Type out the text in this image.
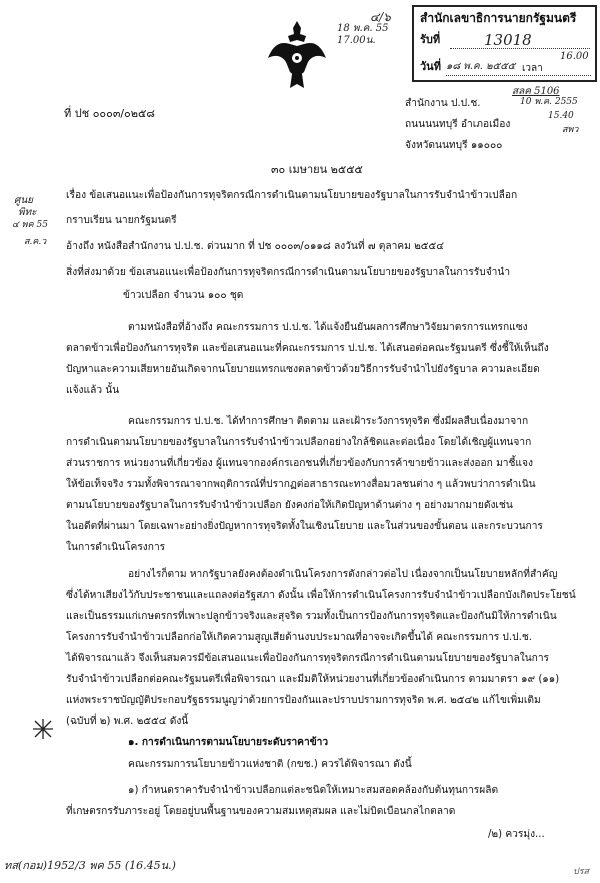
๔/๖
18 พ.ค. 55
17.00น.
สำนักเลขาธิการนายกรัฐมนตรี
รับที่	13018
วันที่ ๑๘ พ.ค. ๒๕๕๕ เวลา
16.00
สลค 5106
10 พ.ค. 2555
15.40
สพว
ที่ ปช ๐๐๐๓/๐๒๕๘
สำนักงาน ป.ป.ช.
ถนนนนทบุรี อำเภอเมือง
จังหวัดนนทบุรี ๑๑๐๐๐
๓๐ เมษายน ๒๕๕๕
ศูนย
พิทะ
๔ พค 55
ส.ค.ว
เรื่อง ข้อเสนอแนะเพื่อป้องกันการทุจริตกรณีการดำเนินตามนโยบายของรัฐบาลในการรับจำนำข้าวเปลือก
กราบเรียน นายกรัฐมนตรี
อ้างถึง หนังสือสำนักงาน ป.ป.ช. ด่วนมาก ที่ ปช ๐๐๐๓/๐๑๑๘ ลงวันที่ ๗ ตุลาคม ๒๕๕๔
สิ่งที่ส่งมาด้วย ข้อเสนอแนะเพื่อป้องกันการทุจริตกรณีการดำเนินตามนโยบายของรัฐบาลในการรับจำนำ
ข้าวเปลือก จำนวน ๑๐๐ ชุด
ตามหนังสือที่อ้างถึง คณะกรรมการ ป.ป.ช. ได้แจ้งยืนยันผลการศึกษาวิจัยมาตรการแทรกแซง
ตลาดข้าวเพื่อป้องกันการทุจริต และข้อเสนอแนะที่คณะกรรมการ ป.ป.ช. ได้เสนอต่อคณะรัฐมนตรี ซึ่งชี้ให้เห็นถึง
ปัญหาและความเสียหายอันเกิดจากนโยบายแทรกแซงตลาดข้าวด้วยวิธีการรับจำนำไปยังรัฐบาล ความละเอียด
แจ้งแล้ว นั้น
คณะกรรมการ ป.ป.ช. ได้ทำการศึกษา ติดตาม และเฝ้าระวังการทุจริต ซึ่งมีผลสืบเนื่องมาจาก
การดำเนินตามนโยบายของรัฐบาลในการรับจำนำข้าวเปลือกอย่างใกล้ชิดและต่อเนื่อง โดยได้เชิญผู้แทนจาก
ส่วนราชการ หน่วยงานที่เกี่ยวข้อง ผู้แทนจากองค์กรเอกชนที่เกี่ยวข้องกับการค้าขายข้าวและส่งออก มาชี้แจง
ให้ข้อเท็จจริง รวมทั้งพิจารณาจากพฤติการณ์ที่ปรากฏต่อสาธารณะทางสื่อมวลชนต่าง ๆ แล้วพบว่าการดำเนิน
ตามนโยบายของรัฐบาลในการรับจำนำข้าวเปลือก ยังคงก่อให้เกิดปัญหาด้านต่าง ๆ อย่างมากมายดังเช่น
ในอดีตที่ผ่านมา โดยเฉพาะอย่างยิ่งปัญหาการทุจริตทั้งในเชิงนโยบาย และในส่วนของขั้นตอน และกระบวนการ
ในการดำเนินโครงการ
อย่างไรก็ตาม หากรัฐบาลยังคงต้องดำเนินโครงการดังกล่าวต่อไป เนื่องจากเป็นนโยบายหลักที่สำคัญ
ซึ่งได้หาเสียงไว้กับประชาชนและแถลงต่อรัฐสภา ดังนั้น เพื่อให้การดำเนินโครงการรับจำนำข้าวเปลือกบังเกิดประโยชน์
และเป็นธรรมแก่เกษตรกรที่เพาะปลูกข้าวจริงและสุจริต รวมทั้งเป็นการป้องกันการทุจริตและป้องกันมิให้การดำเนิน
โครงการรับจำนำข้าวเปลือกก่อให้เกิดความสูญเสียด้านงบประมาณที่อาจจะเกิดขึ้นได้ คณะกรรมการ ป.ป.ช.
ได้พิจารณาแล้ว จึงเห็นสมควรมีข้อเสนอแนะเพื่อป้องกันการทุจริตกรณีการดำเนินตามนโยบายของรัฐบาลในการ
รับจำนำข้าวเปลือกต่อคณะรัฐมนตรีเพื่อพิจารณา และมีมติให้หน่วยงานที่เกี่ยวข้องดำเนินการ ตามมาตรา ๑๙ (๑๑)
แห่งพระราชบัญญัติประกอบรัฐธรรมนูญว่าด้วยการป้องกันและปราบปรามการทุจริต พ.ศ. ๒๕๔๒ แก้ไขเพิ่มเติม
(ฉบับที่ ๒) พ.ศ. ๒๕๕๔ ดังนี้
๑. การดำเนินการตามนโยบายระดับราคาข้าว
คณะกรรมการนโยบายข้าวแห่งชาติ (กขช.) ควรได้พิจารณา ดังนี้
๑) กำหนดราคารับจำนำข้าวเปลือกแต่ละชนิดให้เหมาะสมสอดคล้องกับต้นทุนการผลิต
ที่เกษตรกรรับภาระอยู่ โดยอยู่บนพื้นฐานของความสมเหตุสมผล และไม่บิดเบือนกลไกตลาด
/๒) ควรมุ่ง...
ทส(กอม)1952/3 พค 55 (16.45น.)	ปรส
